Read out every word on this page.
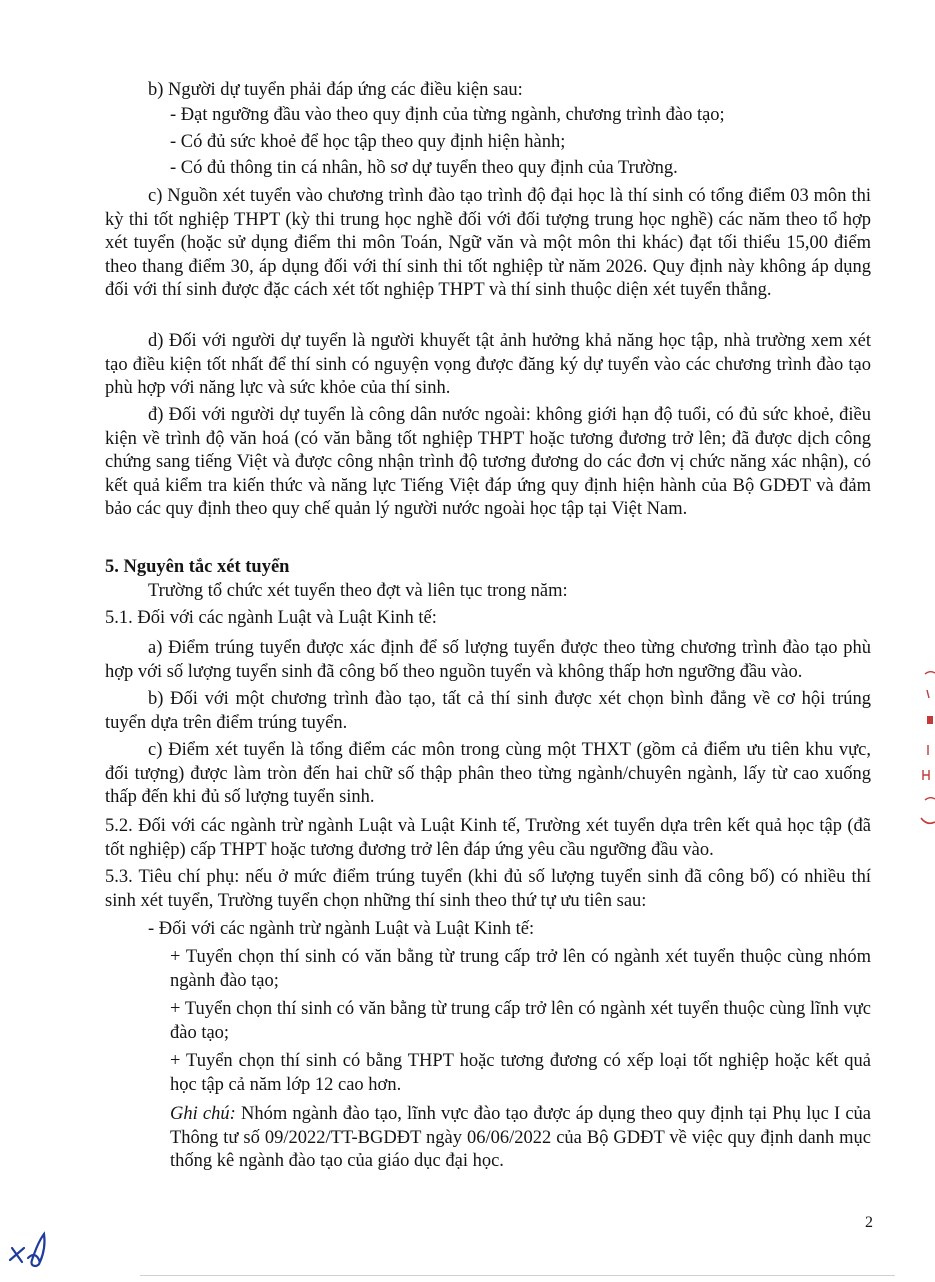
b) Người dự tuyển phải đáp ứng các điều kiện sau:

- Đạt ngưỡng đầu vào theo quy định của từng ngành, chương trình đào tạo;

- Có đủ sức khoẻ để học tập theo quy định hiện hành;

- Có đủ thông tin cá nhân, hồ sơ dự tuyển theo quy định của Trường.

c) Nguồn xét tuyển vào chương trình đào tạo trình độ đại học là thí sinh có tổng điểm 03 môn thi kỳ thi tốt nghiệp THPT (kỳ thi trung học nghề đối với đối tượng trung học nghề) các năm theo tổ hợp xét tuyển (hoặc sử dụng điểm thi môn Toán, Ngữ văn và một môn thi khác) đạt tối thiểu 15,00 điểm theo thang điểm 30, áp dụng đối với thí sinh thi tốt nghiệp từ năm 2026. Quy định này không áp dụng đối với thí sinh được đặc cách xét tốt nghiệp THPT và thí sinh thuộc diện xét tuyển thẳng.

d) Đối với người dự tuyển là người khuyết tật ảnh hưởng khả năng học tập, nhà trường xem xét tạo điều kiện tốt nhất để thí sinh có nguyện vọng được đăng ký dự tuyển vào các chương trình đào tạo phù hợp với năng lực và sức khỏe của thí sinh.

đ) Đối với người dự tuyển là công dân nước ngoài: không giới hạn độ tuổi, có đủ sức khoẻ, điều kiện về trình độ văn hoá (có văn bằng tốt nghiệp THPT hoặc tương đương trở lên; đã được dịch công chứng sang tiếng Việt và được công nhận trình độ tương đương do các đơn vị chức năng xác nhận), có kết quả kiểm tra kiến thức và năng lực Tiếng Việt đáp ứng quy định hiện hành của Bộ GDĐT và đảm bảo các quy định theo quy chế quản lý người nước ngoài học tập tại Việt Nam.

5. Nguyên tắc xét tuyển

Trường tổ chức xét tuyển theo đợt và liên tục trong năm:

5.1. Đối với các ngành Luật và Luật Kinh tế:

a) Điểm trúng tuyển được xác định để số lượng tuyển được theo từng chương trình đào tạo phù hợp với số lượng tuyển sinh đã công bố theo nguồn tuyển và không thấp hơn ngưỡng đầu vào.

b) Đối với một chương trình đào tạo, tất cả thí sinh được xét chọn bình đẳng về cơ hội trúng tuyển dựa trên điểm trúng tuyển.

c) Điểm xét tuyển là tổng điểm các môn trong cùng một THXT (gồm cả điểm ưu tiên khu vực, đối tượng) được làm tròn đến hai chữ số thập phân theo từng ngành/chuyên ngành, lấy từ cao xuống thấp đến khi đủ số lượng tuyển sinh.

5.2. Đối với các ngành trừ ngành Luật và Luật Kinh tế, Trường xét tuyển dựa trên kết quả học tập (đã tốt nghiệp) cấp THPT hoặc tương đương trở lên đáp ứng yêu cầu ngưỡng đầu vào.

5.3. Tiêu chí phụ: nếu ở mức điểm trúng tuyển (khi đủ số lượng tuyển sinh đã công bố) có nhiều thí sinh xét tuyển, Trường tuyển chọn những thí sinh theo thứ tự ưu tiên sau:

- Đối với các ngành trừ ngành Luật và Luật Kinh tế:

+ Tuyển chọn thí sinh có văn bằng từ trung cấp trở lên có ngành xét tuyển thuộc cùng nhóm ngành đào tạo;

+ Tuyển chọn thí sinh có văn bằng từ trung cấp trở lên có ngành xét tuyển thuộc cùng lĩnh vực đào tạo;

+ Tuyển chọn thí sinh có bằng THPT hoặc tương đương có xếp loại tốt nghiệp hoặc kết quả học tập cả năm lớp 12 cao hơn.

Ghi chú: Nhóm ngành đào tạo, lĩnh vực đào tạo được áp dụng theo quy định tại Phụ lục I của Thông tư số 09/2022/TT-BGDĐT ngày 06/06/2022 của Bộ GDĐT về việc quy định danh mục thống kê ngành đào tạo của giáo dục đại học.

2
